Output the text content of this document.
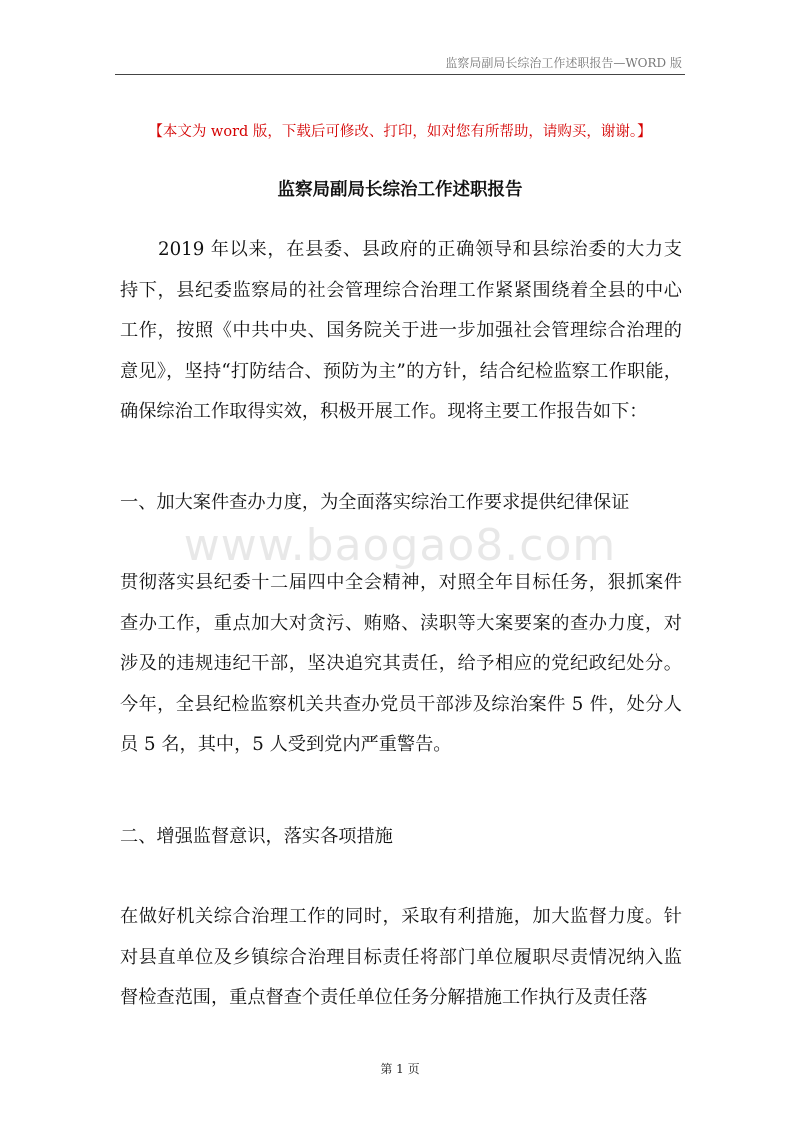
监察局副局长综治工作述职报告—WORD 版
【本文为 word 版，下载后可修改、打印，如对您有所帮助，请购买，谢谢。】
监察局副局长综治工作述职报告

2019 年以来，在县委、县政府的正确领导和县综治委的大力支持下，县纪委监察局的社会管理综合治理工作紧紧围绕着全县的中心工作，按照《中共中央、国务院关于进一步加强社会管理综合治理的意见》，坚持“打防结合、预防为主”的方针，结合纪检监察工作职能，确保综治工作取得实效，积极开展工作。现将主要工作报告如下：

一、加大案件查办力度，为全面落实综治工作要求提供纪律保证

www.baogao8.com

贯彻落实县纪委十二届四中全会精神，对照全年目标任务，狠抓案件查办工作，重点加大对贪污、贿赂、渎职等大案要案的查办力度，对涉及的违规违纪干部，坚决追究其责任，给予相应的党纪政纪处分。今年，全县纪检监察机关共查办党员干部涉及综治案件 5 件，处分人员 5 名，其中，5 人受到党内严重警告。

二、增强监督意识，落实各项措施

在做好机关综合治理工作的同时，采取有利措施，加大监督力度。针对县直单位及乡镇综合治理目标责任将部门单位履职尽责情况纳入监督检查范围，重点督查个责任单位任务分解措施工作执行及责任落

第 1 页
